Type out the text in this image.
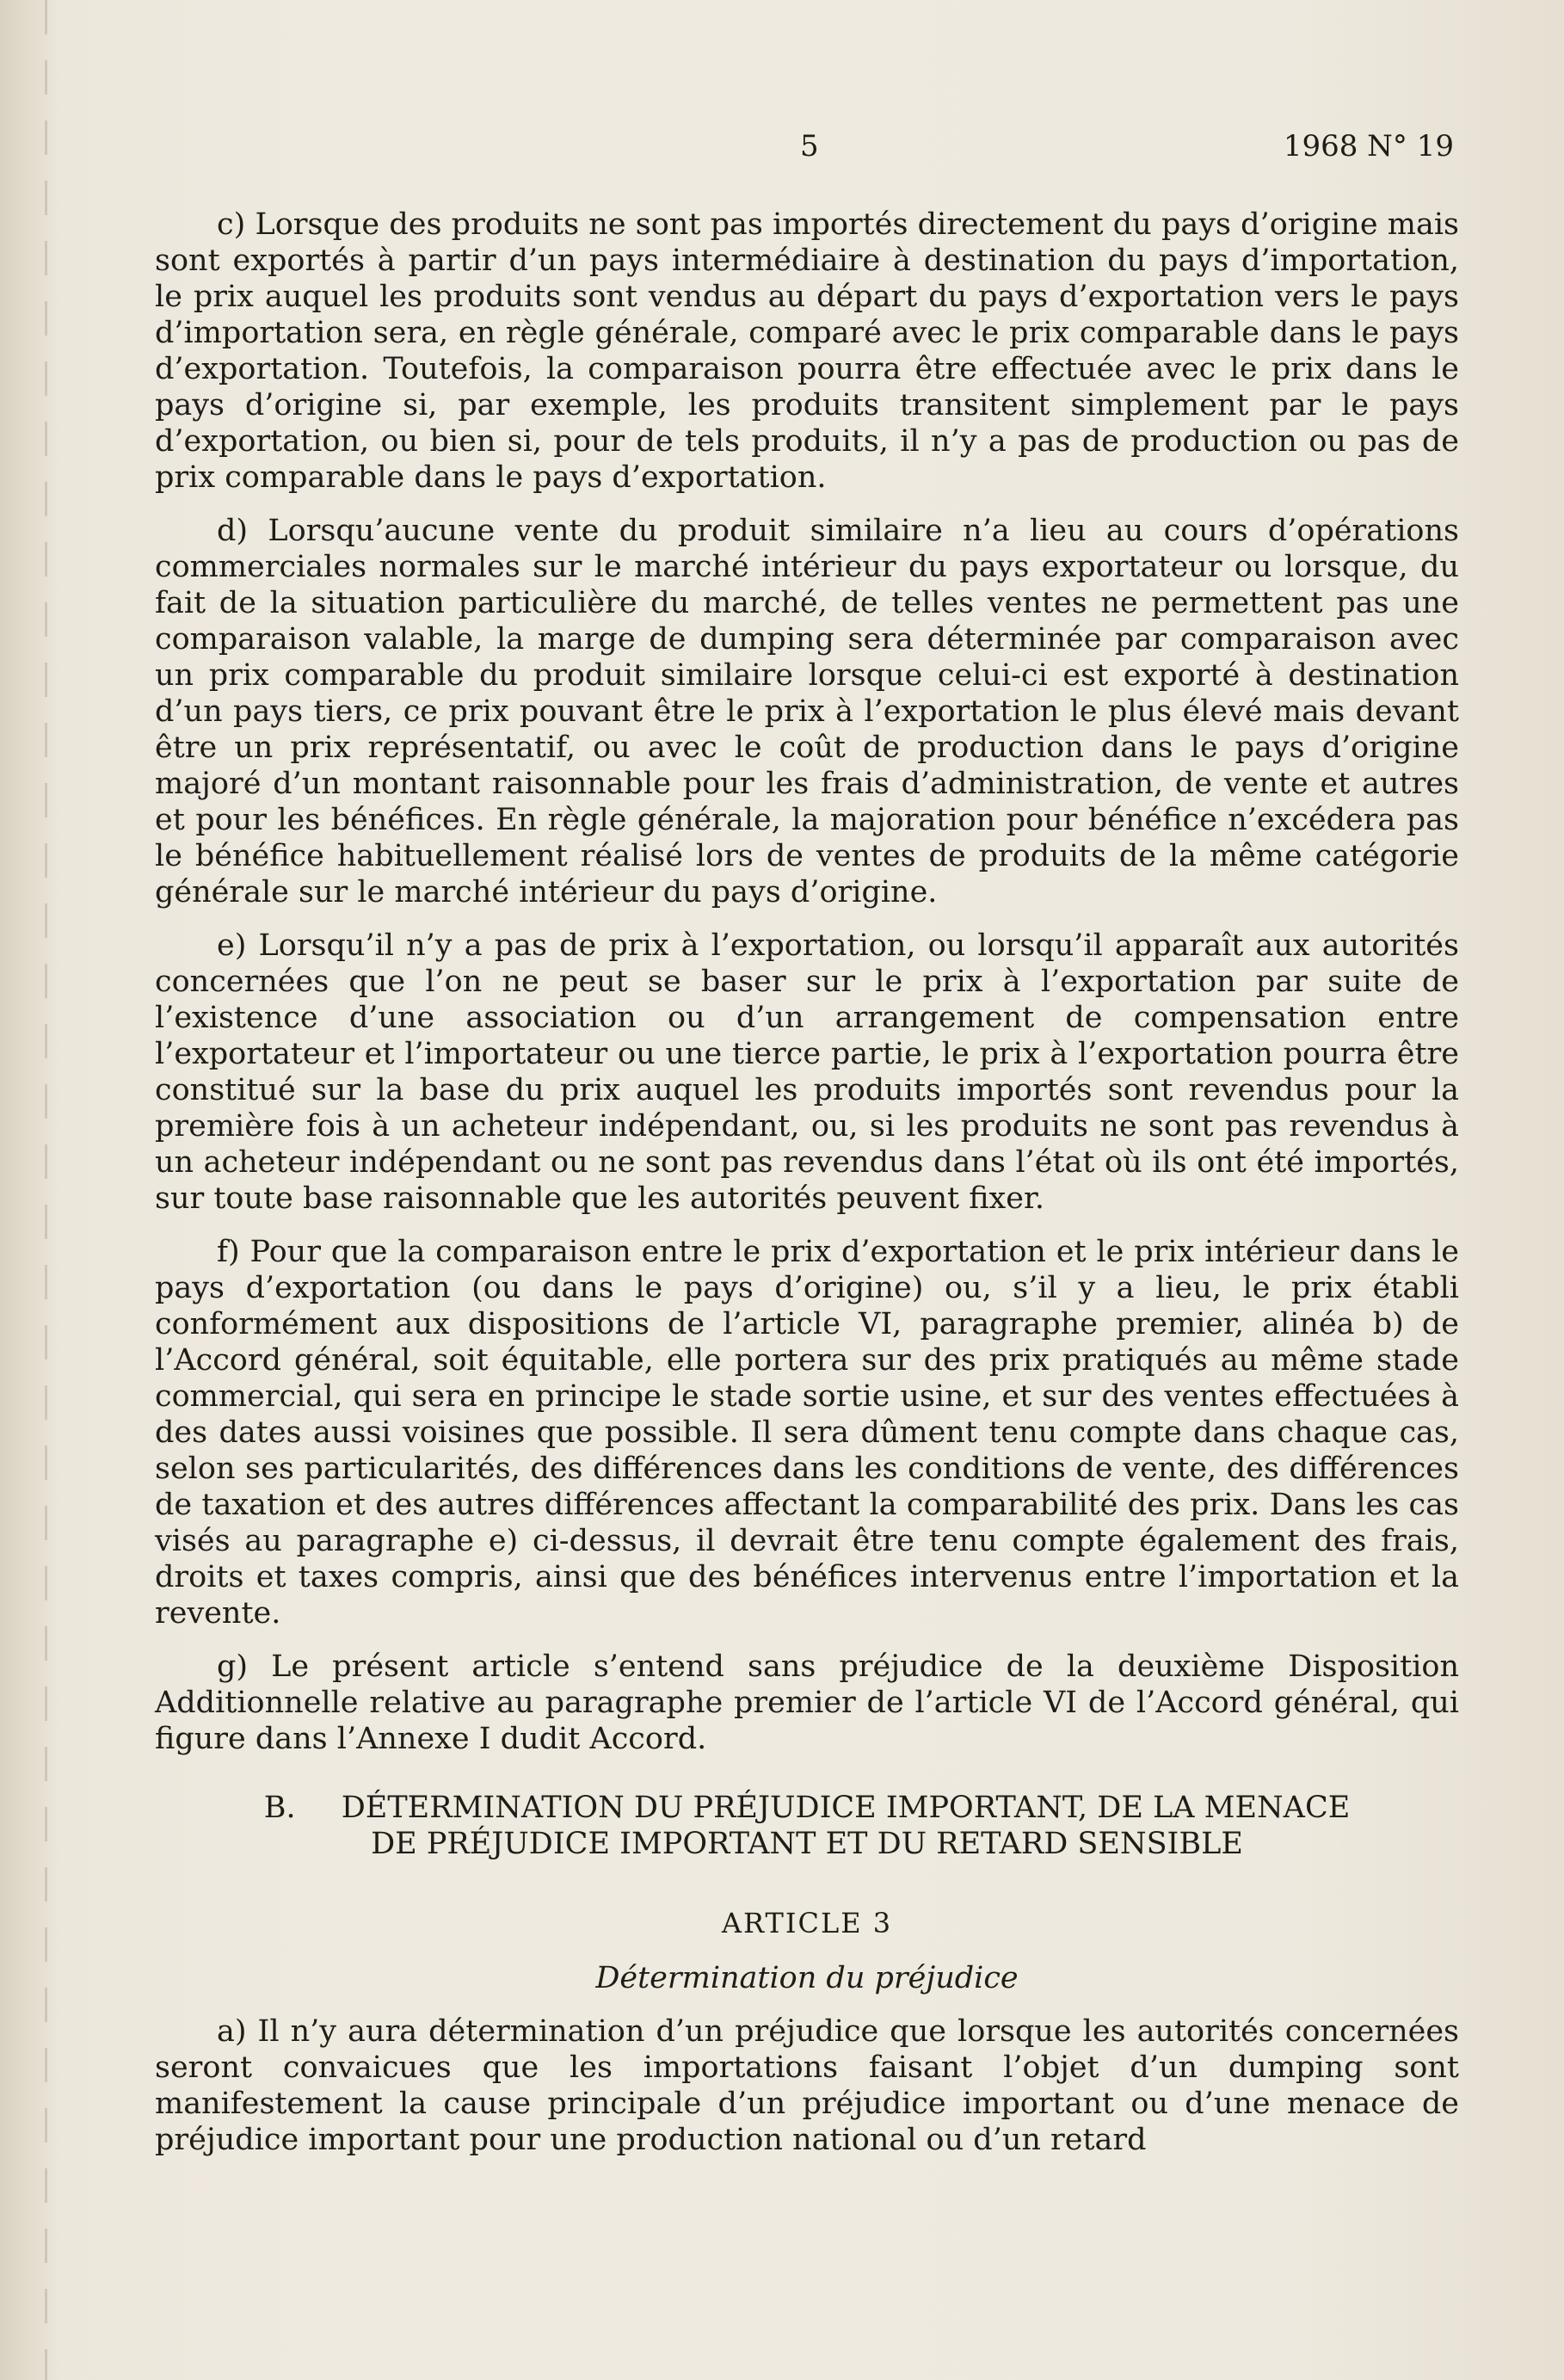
5	1968 N° 19

c) Lorsque des produits ne sont pas importés directement du pays d’origine mais sont exportés à partir d’un pays intermédiaire à destination du pays d’importation, le prix auquel les produits sont vendus au départ du pays d’exportation vers le pays d’importation sera, en règle générale, comparé avec le prix comparable dans le pays d’exportation. Toutefois, la comparaison pourra être effectuée avec le prix dans le pays d’origine si, par exemple, les produits transitent simplement par le pays d’exportation, ou bien si, pour de tels produits, il n’y a pas de production ou pas de prix comparable dans le pays d’exportation.

d) Lorsqu’aucune vente du produit similaire n’a lieu au cours d’opérations commerciales normales sur le marché intérieur du pays exportateur ou lorsque, du fait de la situation particulière du marché, de telles ventes ne permettent pas une comparaison valable, la marge de dumping sera déterminée par comparaison avec un prix comparable du produit similaire lorsque celui-ci est exporté à destination d’un pays tiers, ce prix pouvant être le prix à l’exportation le plus élevé mais devant être un prix représentatif, ou avec le coût de production dans le pays d’origine majoré d’un montant raisonnable pour les frais d’administration, de vente et autres et pour les bénéfices. En règle générale, la majoration pour bénéfice n’excédera pas le bénéfice habituellement réalisé lors de ventes de produits de la même catégorie générale sur le marché intérieur du pays d’origine.

e) Lorsqu’il n’y a pas de prix à l’exportation, ou lorsqu’il apparaît aux autorités concernées que l’on ne peut se baser sur le prix à l’exportation par suite de l’existence d’une association ou d’un arrangement de compensation entre l’exportateur et l’importateur ou une tierce partie, le prix à l’exportation pourra être constitué sur la base du prix auquel les produits importés sont revendus pour la première fois à un acheteur indépendant, ou, si les produits ne sont pas revendus à un acheteur indépendant ou ne sont pas revendus dans l’état où ils ont été importés, sur toute base raisonnable que les autorités peuvent fixer.

f) Pour que la comparaison entre le prix d’exportation et le prix intérieur dans le pays d’exportation (ou dans le pays d’origine) ou, s’il y a lieu, le prix établi conformément aux dispositions de l’article VI, paragraphe premier, alinéa b) de l’Accord général, soit équitable, elle portera sur des prix pratiqués au même stade commercial, qui sera en principe le stade sortie usine, et sur des ventes effectuées à des dates aussi voisines que possible. Il sera dûment tenu compte dans chaque cas, selon ses particularités, des différences dans les conditions de vente, des différences de taxation et des autres différences affectant la comparabilité des prix. Dans les cas visés au paragraphe e) ci-dessus, il devrait être tenu compte également des frais, droits et taxes compris, ainsi que des bénéfices intervenus entre l’importation et la revente.

g) Le présent article s’entend sans préjudice de la deuxième Disposition Additionnelle relative au paragraphe premier de l’article VI de l’Accord général, qui figure dans l’Annexe I dudit Accord.

B. DÉTERMINATION DU PRÉJUDICE IMPORTANT, DE LA MENACE
DE PRÉJUDICE IMPORTANT ET DU RETARD SENSIBLE
ARTICLE 3
Détermination du préjudice

a) Il n’y aura détermination d’un préjudice que lorsque les autorités concernées seront convaicues que les importations faisant l’objet d’un dumping sont manifestement la cause principale d’un préjudice important ou d’une menace de préjudice important pour une production national ou d’un retard
